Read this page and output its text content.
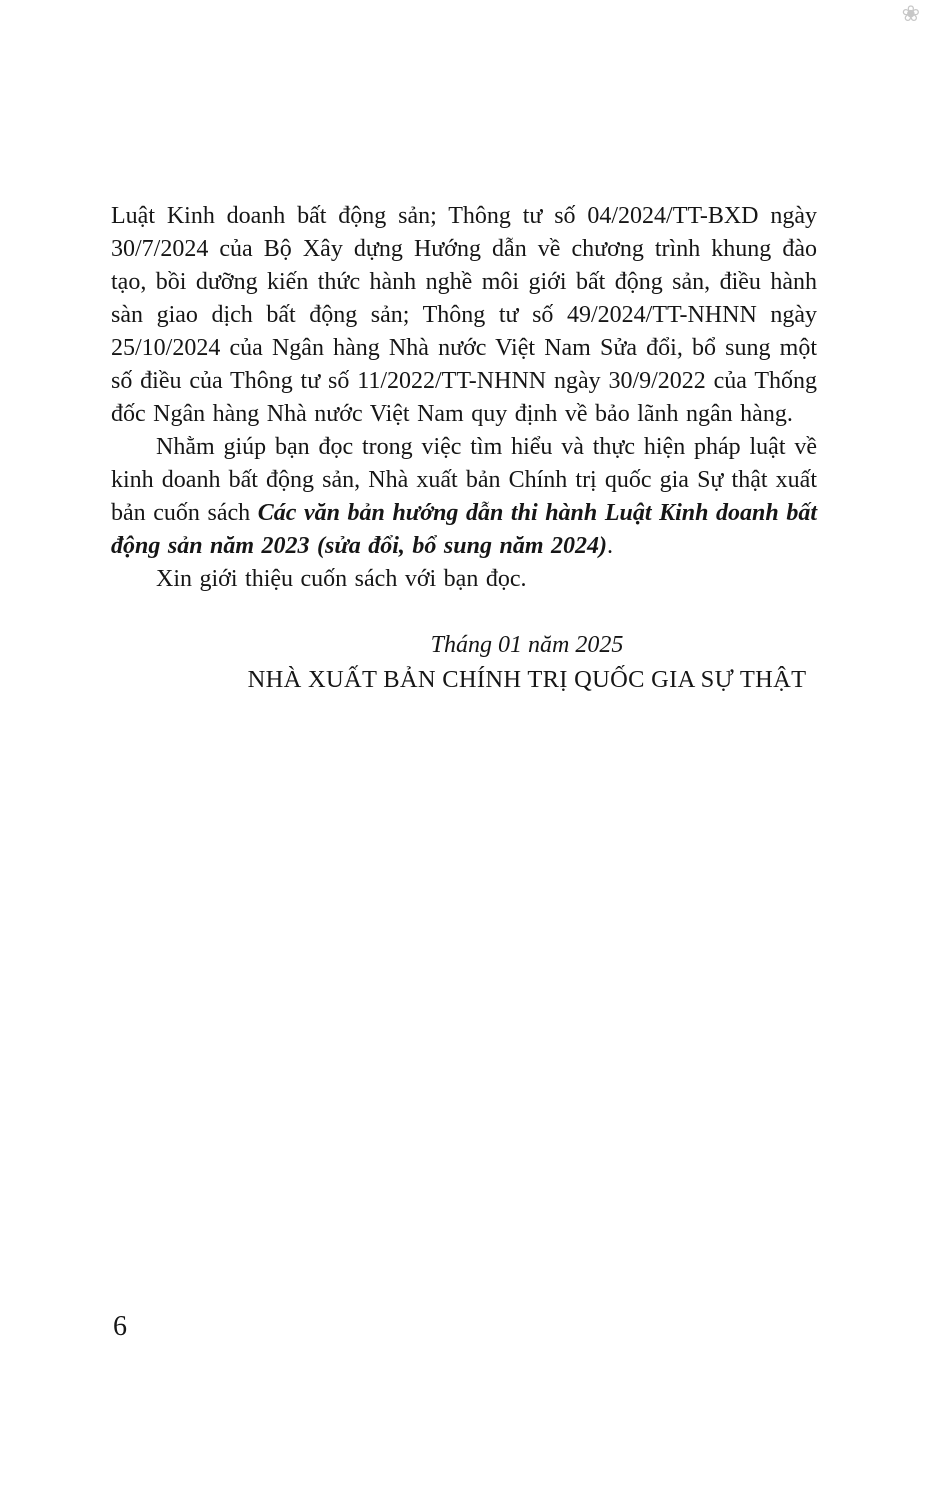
❀

Luật Kinh doanh bất động sản; Thông tư số 04/2024/TT-BXD ngày 30/7/2024 của Bộ Xây dựng Hướng dẫn về chương trình khung đào tạo, bồi dưỡng kiến thức hành nghề môi giới bất động sản, điều hành sàn giao dịch bất động sản; Thông tư số 49/2024/TT-NHNN ngày 25/10/2024 của Ngân hàng Nhà nước Việt Nam Sửa đổi, bổ sung một số điều của Thông tư số 11/2022/TT-NHNN ngày 30/9/2022 của Thống đốc Ngân hàng Nhà nước Việt Nam quy định về bảo lãnh ngân hàng.

Nhằm giúp bạn đọc trong việc tìm hiểu và thực hiện pháp luật về kinh doanh bất động sản, Nhà xuất bản Chính trị quốc gia Sự thật xuất bản cuốn sách Các văn bản hướng dẫn thi hành Luật Kinh doanh bất động sản năm 2023 (sửa đổi, bổ sung năm 2024).

Xin giới thiệu cuốn sách với bạn đọc.

Tháng 01 năm 2025
NHÀ XUẤT BẢN CHÍNH TRỊ QUỐC GIA SỰ THẬT
6
